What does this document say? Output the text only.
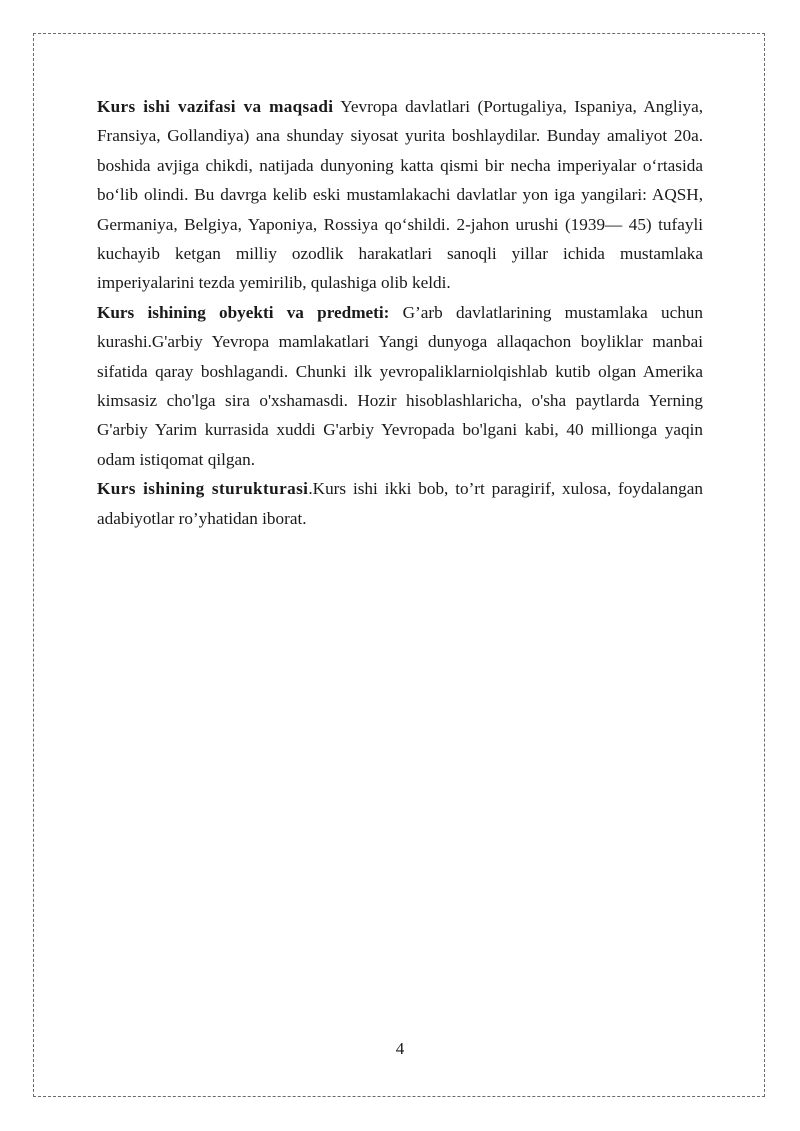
Kurs ishi vazifasi va maqsadi Yevropa davlatlari (Portugaliya, Ispaniya, Angliya, Fransiya, Gollandiya) ana shunday siyosat yurita boshlaydilar. Bunday amaliyot 20a. boshida avjiga chikdi, natijada dunyoning katta qismi bir necha imperiyalar o‘rtasida bo‘lib olindi. Bu davrga kelib eski mustamlakachi davlatlar yon iga yangilari: AQSH, Germaniya, Belgiya, Yaponiya, Rossiya qo‘shildi. 2-jahon urushi (1939— 45) tufayli kuchayib ketgan milliy ozodlik harakatlari sanoqli yillar ichida mustamlaka imperiyalarini tezda yemirilib, qulashiga olib keldi.

Kurs ishining obyekti va predmeti: G’arb davlatlarining mustamlaka uchun kurashi.G'arbiy Yevropa mamlakatlari Yangi dunyoga allaqachon boyliklar manbai sifatida qaray boshlagandi. Chunki ilk yevropaliklarniolqishlab kutib olgan Amerika kimsasiz cho'lga sira o'xshamasdi. Hozir hisoblashlaricha, o'sha paytlarda Yerning G'arbiy Yarim kurrasida xuddi G'arbiy Yevropada bo'lgani kabi, 40 millionga yaqin odam istiqomat qilgan.

Kurs ishining sturukturasi.Kurs ishi ikki bob, to’rt paragirif, xulosa, foydalangan adabiyotlar ro’yhatidan iborat.

4
